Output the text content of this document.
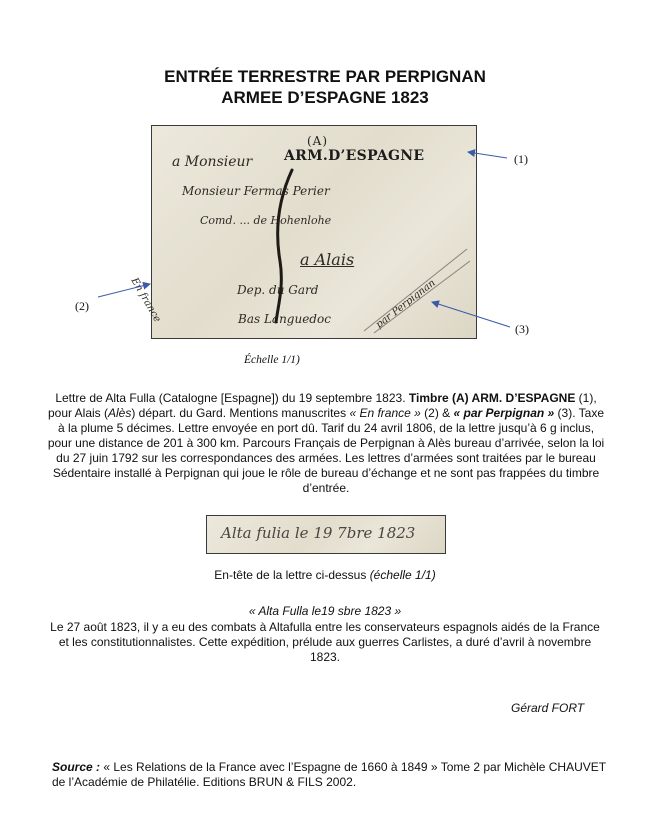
ENTRÉE TERRESTRE PAR PERPIGNAN
ARMEE D’ESPAGNE 1823
(A)
ARM.D’ESPAGNE
a Monsieur
Monsieur Fermas Perier
Comd. ... de Hohenlohe
a Alais
Dep. du Gard
Bas Languedoc
En france	par Perpignan
(1)
(2)
(3)
Échelle 1/1)
Lettre de Alta Fulla (Catalogne [Espagne]) du 19 septembre 1823. Timbre (A) ARM. D’ESPAGNE (1), pour Alais (Alès) départ. du Gard. Mentions manuscrites « En france » (2) & « par Perpignan » (3). Taxe à la plume 5 décimes. Lettre envoyée en port dû. Tarif du 24 avril 1806, de la lettre jusqu’à 6 g inclus, pour une distance de 201 à 300 km. Parcours Français de Perpignan à Alès bureau d’arrivée, selon la loi du 27 juin 1792 sur les correspondances des armées. Les lettres d’armées sont traitées par le bureau Sédentaire installé à Perpignan qui joue le rôle de bureau d’échange et ne sont pas frappées du timbre d’entrée.
Alta fulia le 19 7bre 1823
En-tête de la lettre ci-dessus (échelle 1/1)
« Alta Fulla le19 sbre 1823 »
Le 27 août 1823, il y a eu des combats à Altafulla entre les conservateurs espagnols aidés de la France et les constitutionnalistes. Cette expédition, prélude aux guerres Carlistes, a duré d’avril à novembre 1823.
Gérard FORT
Source : « Les Relations de la France avec l’Espagne de 1660 à 1849 » Tome 2 par Michèle CHAUVET de l’Académie de Philatélie. Editions BRUN & FILS 2002.
